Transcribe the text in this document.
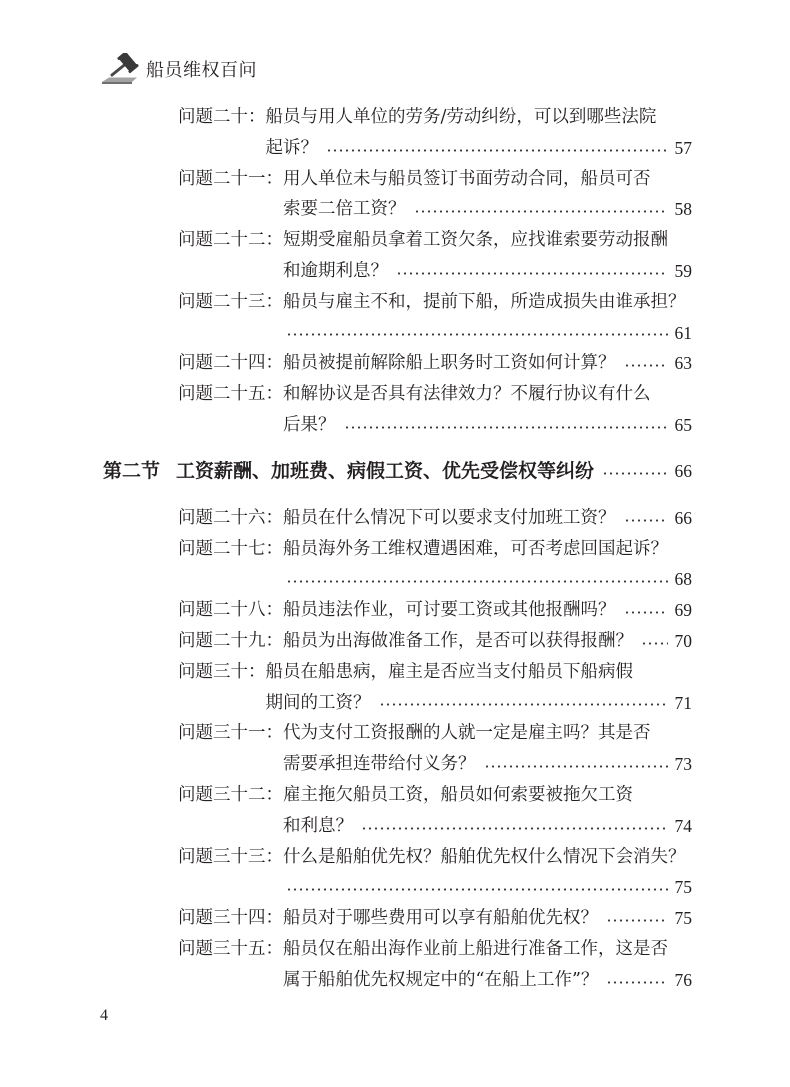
船员维权百问
问题二十： 船员与用人单位的劳务/劳动纠纷，可以到哪些法院
起诉？	57
问题二十一： 用人单位未与船员签订书面劳动合同，船员可否
索要二倍工资？	58
问题二十二： 短期受雇船员拿着工资欠条，应找谁索要劳动报酬
和逾期利息？	59
问题二十三： 船员与雇主不和，提前下船，所造成损失由谁承担？
61
问题二十四： 船员被提前解除船上职务时工资如何计算？	63
问题二十五： 和解协议是否具有法律效力？不履行协议有什么
后果？	65
第二节 工资薪酬、加班费、病假工资、优先受偿权等纠纷	66
问题二十六： 船员在什么情况下可以要求支付加班工资？	66
问题二十七： 船员海外务工维权遭遇困难，可否考虑回国起诉？
68
问题二十八： 船员违法作业，可讨要工资或其他报酬吗？	69
问题二十九： 船员为出海做准备工作，是否可以获得报酬？ 70
问题三十： 船员在船患病，雇主是否应当支付船员下船病假
期间的工资？	71
问题三十一： 代为支付工资报酬的人就一定是雇主吗？其是否
需要承担连带给付义务？	73
问题三十二： 雇主拖欠船员工资，船员如何索要被拖欠工资
和利息？	74
问题三十三： 什么是船舶优先权？船舶优先权什么情况下会消失？
75
问题三十四： 船员对于哪些费用可以享有船舶优先权？	75
问题三十五： 船员仅在船出海作业前上船进行准备工作，这是否
属于船舶优先权规定中的“在船上工作”？	76
4
